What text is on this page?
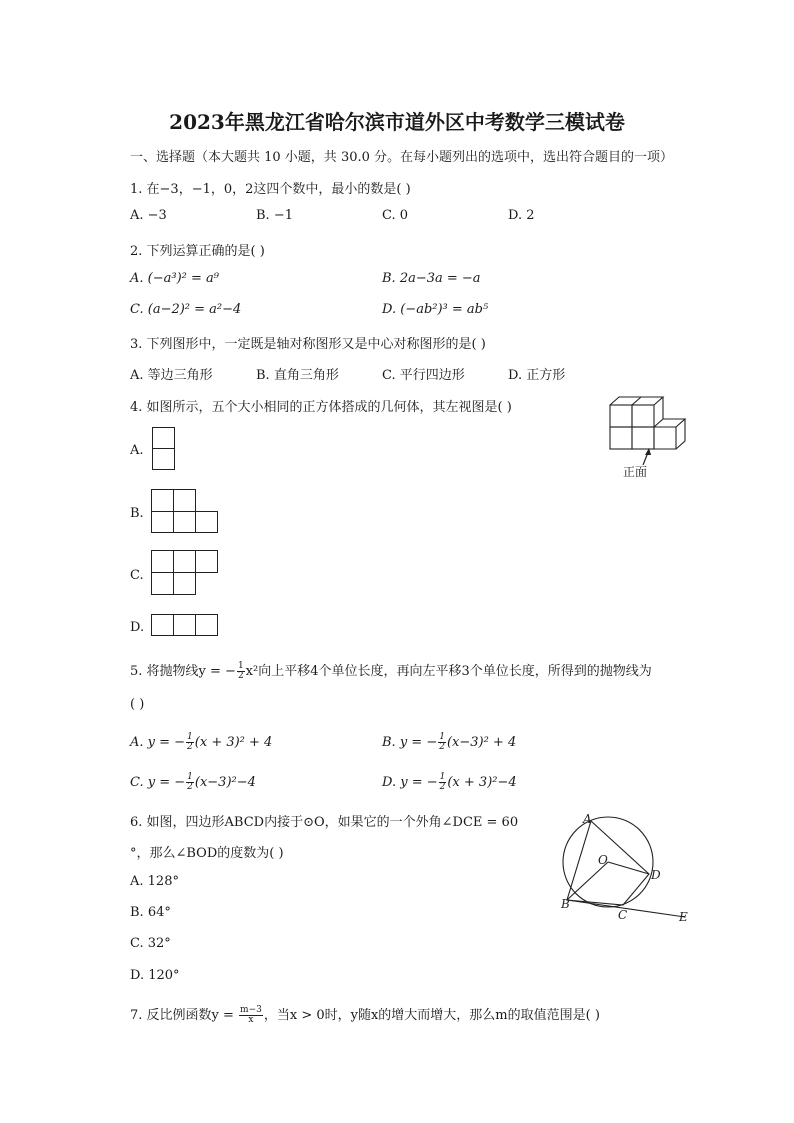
2023年黑龙江省哈尔滨市道外区中考数学三模试卷
一、选择题（本大题共 10 小题，共 30.0 分。在每小题列出的选项中，选出符合题目的一项）
1. 在−3，−1，0，2这四个数中，最小的数是( )
A. −3	B. −1	C. 0	D. 2
2. 下列运算正确的是( )
A. (−a³)² = a⁹	B. 2a−3a = −a
C. (a−2)² = a²−4	D. (−ab²)³ = ab⁵
3. 下列图形中，一定既是轴对称图形又是中心对称图形的是( )
A. 等边三角形	B. 直角三角形	C. 平行四边形	D. 正方形
4. 如图所示，五个大小相同的正方体搭成的几何体，其左视图是( )
正面
A.
B.
C.
D.
5. 将抛物线y = − $\frac{1}{2} x^2$向上平移4个单位长度，再向左平移3个单位长度，所得到的抛物线为
( )
A. y = − $\frac{1}{2} (x + 3)^2 + 4$	B. y = − $\frac{1}{2} (x-3)^2 + 4$
C. y = − $\frac{1}{2} (x-3)^2-4$	D. y = − $\frac{1}{2} (x + 3)^2-4$
6. 如图，四边形ABCD内接于⊙O，如果它的一个外角∠DCE = 60
°，那么∠BOD的度数为( )
A. 128°
B. 64°
C. 32°
D. 120°
A
O
D
B
C	E
7. 反比例函数$y = \frac{m-3}{x}$ ，当x > 0时，y随x的增大而增大，那么m的取值范围是( )
